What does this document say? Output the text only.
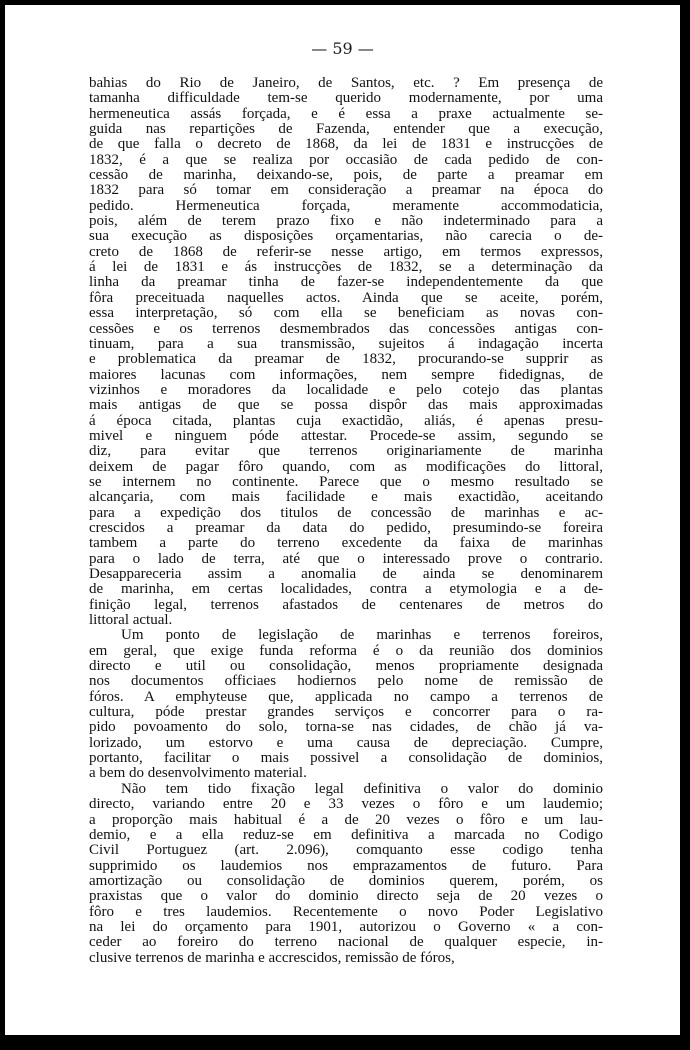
— 59 —
bahias do Rio de Janeiro, de Santos, etc. ? Em presença de
tamanha difficuldade tem-se querido modernamente, por uma
hermeneutica assás forçada, e é essa a praxe actualmente se-
guida nas repartições de Fazenda, entender que a execução,
de que falla o decreto de 1868, da lei de 1831 e instrucções de
1832, é a que se realiza por occasião de cada pedido de con-
cessão de marinha, deixando-se, pois, de parte a preamar em
1832 para só tomar em consideração a preamar na época do
pedido. Hermeneutica forçada, meramente accommodaticia,
pois, além de terem prazo fixo e não indeterminado para a
sua execução as disposições orçamentarias, não carecia o de-
creto de 1868 de referir-se nesse artigo, em termos expressos,
á lei de 1831 e ás instrucções de 1832, se a determinação da
linha da preamar tinha de fazer-se independentemente da que
fôra preceituada naquelles actos. Ainda que se aceite, porém,
essa interpretação, só com ella se beneficiam as novas con-
cessões e os terrenos desmembrados das concessões antigas con-
tinuam, para a sua transmissão, sujeitos á indagação incerta
e problematica da preamar de 1832, procurando-se supprir as
maiores lacunas com informações, nem sempre fidedignas, de
vizinhos e moradores da localidade e pelo cotejo das plantas
mais antigas de que se possa dispôr das mais approximadas
á época citada, plantas cuja exactidão, aliás, é apenas presu-
mivel e ninguem póde attestar. Procede-se assim, segundo se
diz, para evitar que terrenos originariamente de marinha
deixem de pagar fôro quando, com as modificações do littoral,
se internem no continente. Parece que o mesmo resultado se
alcançaria, com mais facilidade e mais exactidão, aceitando
para a expedição dos titulos de concessão de marinhas e ac-
crescidos a preamar da data do pedido, presumindo-se foreira
tambem a parte do terreno excedente da faixa de marinhas
para o lado de terra, até que o interessado prove o contrario.
Desappareceria assim a anomalia de ainda se denominarem
de marinha, em certas localidades, contra a etymologia e a de-
finição legal, terrenos afastados de centenares de metros do
littoral actual.
Um ponto de legislação de marinhas e terrenos foreiros,
em geral, que exige funda reforma é o da reunião dos dominios
directo e util ou consolidação, menos propriamente designada
nos documentos officiaes hodiernos pelo nome de remissão de
fóros. A emphyteuse que, applicada no campo a terrenos de
cultura, póde prestar grandes serviços e concorrer para o ra-
pido povoamento do solo, torna-se nas cidades, de chão já va-
lorizado, um estorvo e uma causa de depreciação. Cumpre,
portanto, facilitar o mais possivel a consolidação de dominios,
a bem do desenvolvimento material.
Não tem tido fixação legal definitiva o valor do dominio
directo, variando entre 20 e 33 vezes o fôro e um laudemio;
a proporção mais habitual é a de 20 vezes o fôro e um lau-
demio, e a ella reduz-se em definitiva a marcada no Codigo
Civil Portuguez (art. 2.096), comquanto esse codigo tenha
supprimido os laudemios nos emprazamentos de futuro. Para
amortização ou consolidação de dominios querem, porém, os
praxistas que o valor do dominio directo seja de 20 vezes o
fôro e tres laudemios. Recentemente o novo Poder Legislativo
na lei do orçamento para 1901, autorizou o Governo « a con-
ceder ao foreiro do terreno nacional de qualquer especie, in-
clusive terrenos de marinha e accrescidos, remissão de fóros,
